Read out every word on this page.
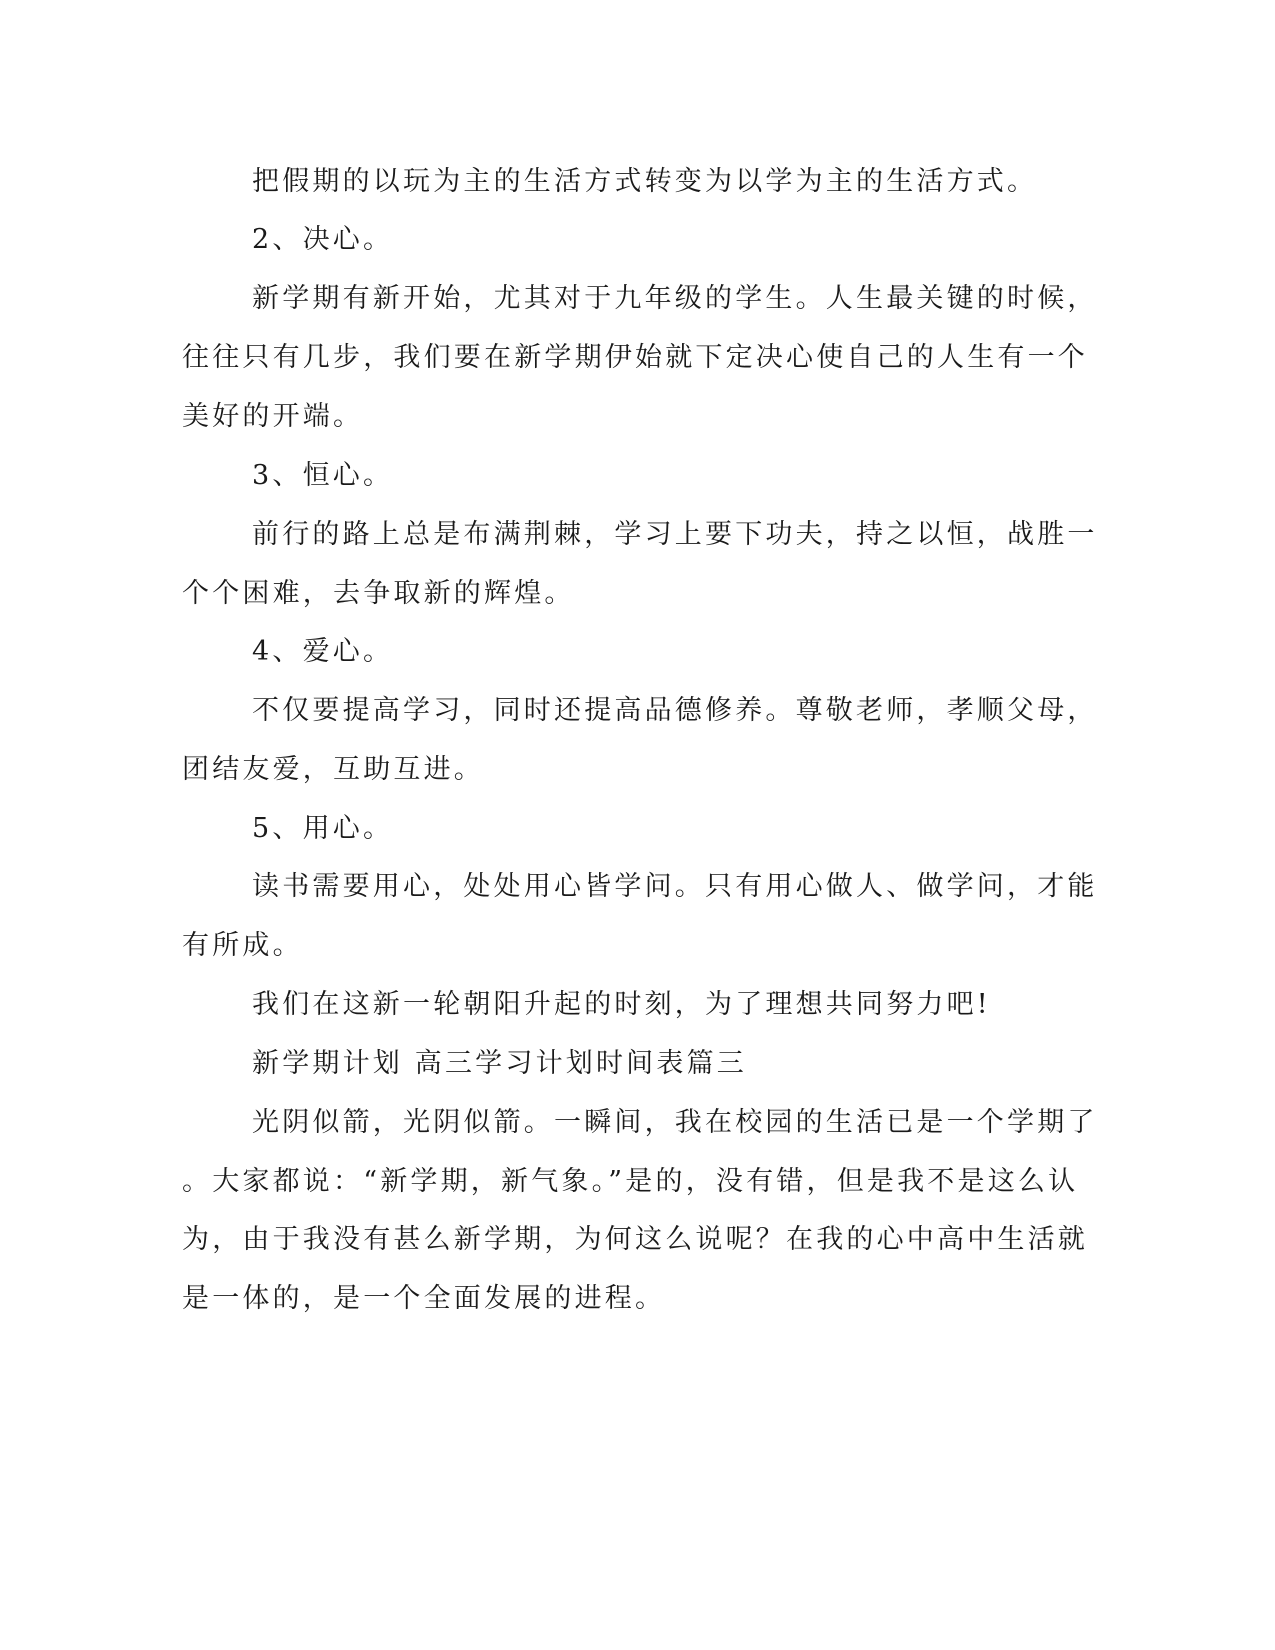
把假期的以玩为主的生活方式转变为以学为主的生活方式。
2、决心。
新学期有新开始，尤其对于九年级的学生。人生最关键的时候，
往往只有几步，我们要在新学期伊始就下定决心使自己的人生有一个
美好的开端。
3、恒心。
前行的路上总是布满荆棘，学习上要下功夫，持之以恒，战胜一
个个困难，去争取新的辉煌。
4、爱心。
不仅要提高学习，同时还提高品德修养。尊敬老师，孝顺父母，
团结友爱，互助互进。
5、用心。
读书需要用心，处处用心皆学问。只有用心做人、做学问，才能
有所成。
我们在这新一轮朝阳升起的时刻，为了理想共同努力吧!
新学期计划 高三学习计划时间表篇三
光阴似箭，光阴似箭。一瞬间，我在校园的生活已是一个学期了
。大家都说：“新学期，新气象。”是的，没有错，但是我不是这么认
为，由于我没有甚么新学期，为何这么说呢？在我的心中高中生活就
是一体的，是一个全面发展的进程。
